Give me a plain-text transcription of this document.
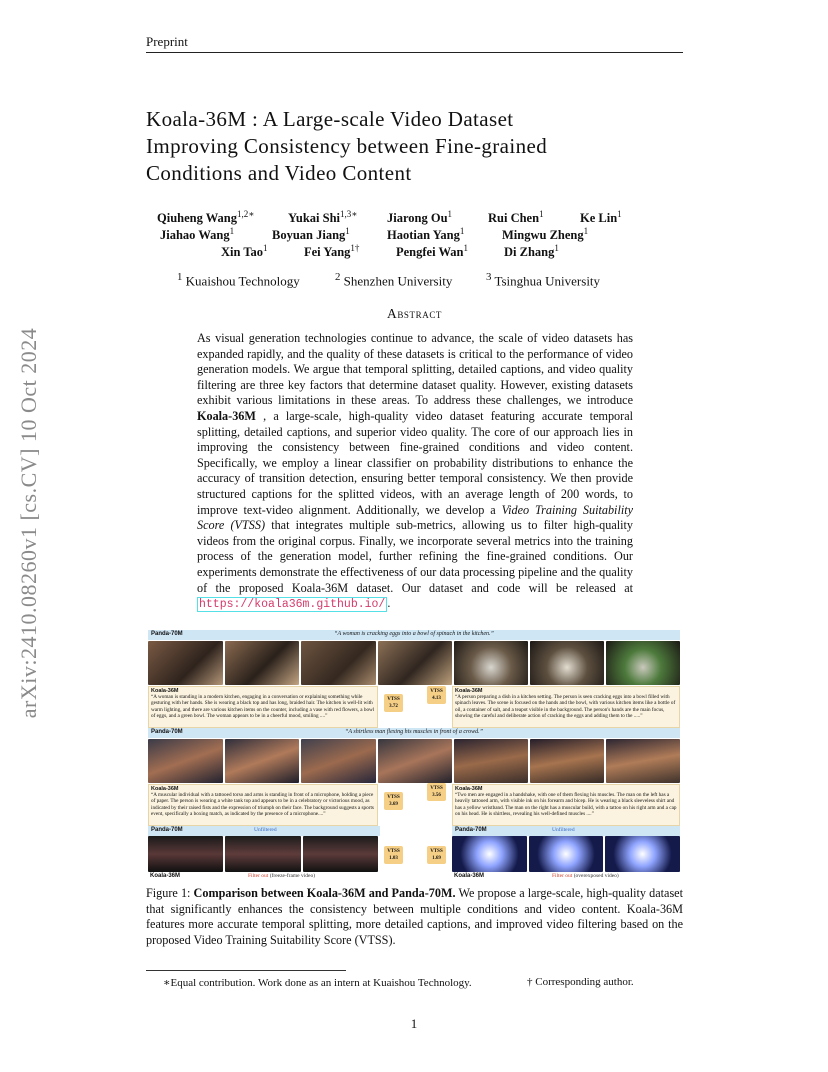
Preprint
arXiv:2410.08260v1 [cs.CV] 10 Oct 2024
Koala-36M : A Large-scale Video Dataset
Improving Consistency between Fine-grained
Conditions and Video Content
Qiuheng Wang$^{1,2∗}$	Yukai Shi$^{1,3∗}$ Jiarong Ou$^1$	Rui Chen$^1$	Ke Lin$^1$
Jiahao Wang$^1$	Boyuan Jiang$^1$	Haotian Yang$^1$	Mingwu Zheng$^1$
Xin Tao$^1$	Fei Yang$^{1\dagger}$	Pengfei Wan$^1$	Di Zhang$^1$
$^1$ Kuaishou Technology	$^2$ Shenzhen University	$^3$ Tsinghua University
Abstract
As visual generation technologies continue to advance, the scale of video datasets has expanded rapidly, and the quality of these datasets is critical to the performance of video generation models. We argue that temporal splitting, detailed captions, and video quality filtering are three key factors that determine dataset quality. However, existing datasets exhibit various limitations in these areas. To address these challenges, we introduce Koala-36M , a large-scale, high-quality video dataset featuring accurate temporal splitting, detailed captions, and superior video quality. The core of our approach lies in improving the consistency between fine-grained conditions and video content. Specifically, we employ a linear classifier on probability distributions to enhance the accuracy of transition detection, ensuring better temporal consistency. We then provide structured captions for the splitted videos, with an average length of 200 words, to improve text-video alignment. Additionally, we develop a Video Training Suitability Score (VTSS) that integrates multiple sub-metrics, allowing us to filter high-quality videos from the original corpus. Finally, we incorporate several metrics into the training process of the generation model, further refining the fine-grained conditions. Our experiments demonstrate the effectiveness of our data processing pipeline and the quality of the proposed Koala-36M dataset. Our dataset and code will be released at https://koala36m.github.io/ .
Panda-70M	“A woman is cracking eggs into a bowl of spinach in the kitchen.”
Koala-36M
“A woman is standing in a modern kitchen, engaging in a conversation or explaining something while gesturing with her hands. She is wearing a black top and has long, braided hair. The kitchen is well-lit with warm lighting, and there are various kitchen items on the counter, including a vase with red flowers, a bowl of eggs, and a green bowl. The woman appears to be in a cheerful mood, smiling ....”
VTSS
3.72
VTSS
4.13
Koala-36M
“A person preparing a dish in a kitchen setting. The person is seen cracking eggs into a bowl filled with spinach leaves. The scene is focused on the hands and the bowl, with various kitchen items like a bottle of oil, a container of salt, and a teapot visible in the background. The person's hands are the main focus, showing the careful and deliberate action of cracking the eggs and adding them to the .....”
Panda-70M	“A shirtless man flexing his muscles in front of a crowd.”
Koala-36M
“A muscular individual with a tattooed torso and arms is standing in front of a microphone, holding a piece of paper. The person is wearing a white tank top and appears to be in a celebratory or victorious mood, as indicated by their raised fists and the expression of triumph on their face. The background suggests a sports event, specifically a boxing match, as indicated by the presence of a microphone....”
VTSS
3.69
VTSS
3.56
Koala-36M
“Two men are engaged in a handshake, with one of them flexing his muscles. The man on the left has a heavily tattooed arm, with visible ink on his forearm and bicep. He is wearing a black sleeveless shirt and has a yellow wristband. The man on the right has a muscular build, with a tattoo on his right arm and a cap on his head. He is shirtless, revealing his well-defined muscles ....”
Panda-70M	Unfiltered	Panda-70M	Unfiltered
VTSS
1.03
VTSS
1.69
Koala-36M	Filter out (freeze-frame video)	Koala-36M	Filter out (overexposed video)
Figure 1: Comparison between Koala-36M and Panda-70M. We propose a large-scale, high-quality dataset that significantly enhances the consistency between multiple conditions and video content. Koala-36M features more accurate temporal splitting, more detailed captions, and improved video filtering based on the proposed Video Training Suitability Score (VTSS).
∗Equal contribution. Work done as an intern at Kuaishou Technology.	† Corresponding author.
1
